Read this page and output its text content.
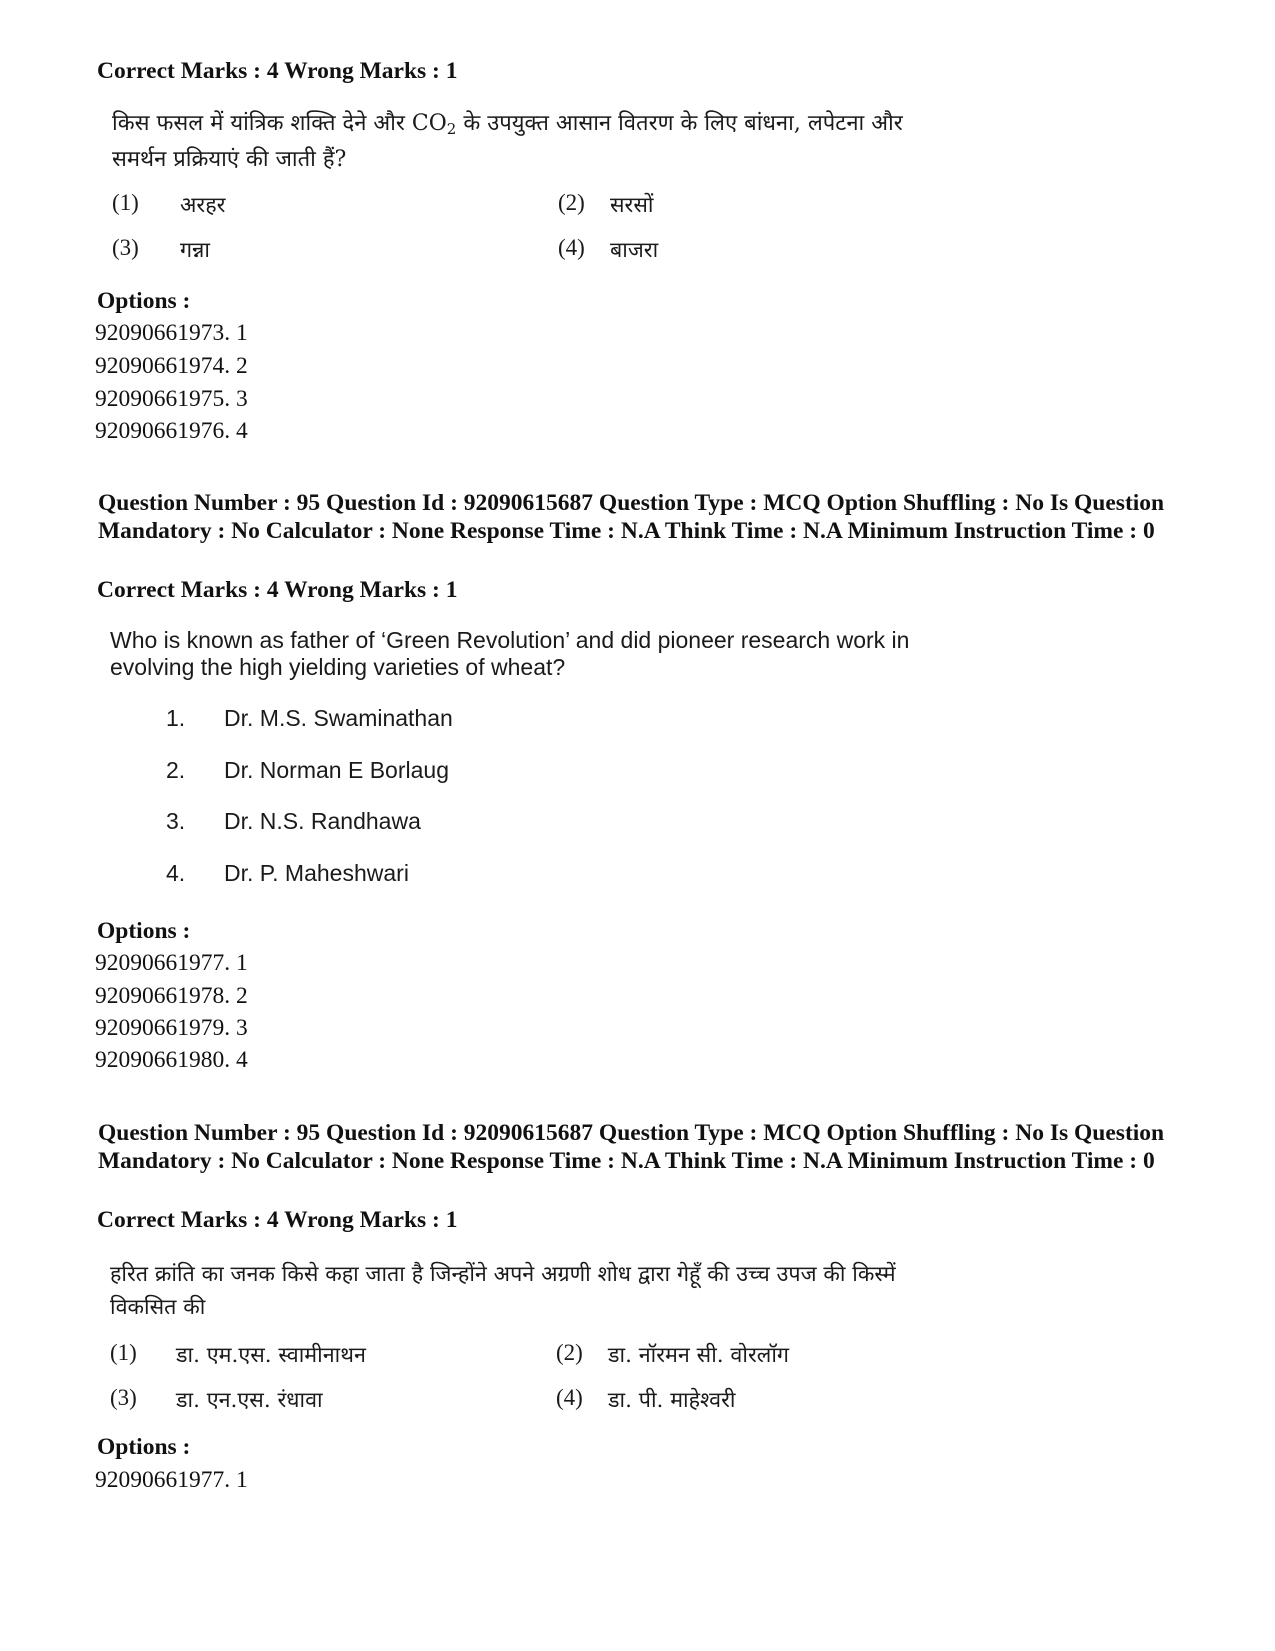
Correct Marks : 4 Wrong Marks : 1
किस फसल में यांत्रिक शक्ति देने और $CO_2$ के उपयुक्त आसान वितरण के लिए बांधना, लपेटना और
समर्थन प्रक्रियाएं की जाती हैं?
(1) अरहर	(2) सरसों
(3) गन्ना	(4) बाजरा
Options :
92090661973. 1
92090661974. 2
92090661975. 3
92090661976. 4
Question Number : 95 Question Id : 92090615687 Question Type : MCQ Option Shuffling : No Is Question Mandatory : No Calculator : None Response Time : N.A Think Time : N.A Minimum Instruction Time : 0
Correct Marks : 4 Wrong Marks : 1
Who is known as father of ‘Green Revolution’ and did pioneer research work in
evolving the high yielding varieties of wheat?
1. Dr. M.S. Swaminathan
2. Dr. Norman E Borlaug
3. Dr. N.S. Randhawa
4. Dr. P. Maheshwari
Options :
92090661977. 1
92090661978. 2
92090661979. 3
92090661980. 4
Question Number : 95 Question Id : 92090615687 Question Type : MCQ Option Shuffling : No Is Question Mandatory : No Calculator : None Response Time : N.A Think Time : N.A Minimum Instruction Time : 0
Correct Marks : 4 Wrong Marks : 1
हरित क्रांति का जनक किसे कहा जाता है जिन्होंने अपने अग्रणी शोध द्वारा गेहूँ की उच्च उपज की किस्में
विकसित की
(1) डा. एम.एस. स्वामीनाथन	(2) डा. नॉरमन सी. वोरलॉग
(3) डा. एन.एस. रंधावा	(4) डा. पी. माहेश्वरी
Options :
92090661977. 1
